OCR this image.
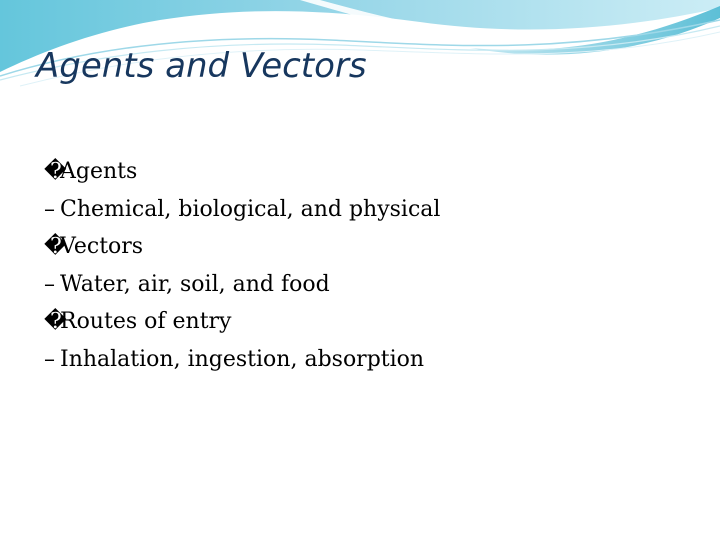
Agents and Vectors
�Agents
– Chemical, biological, and physical
�Vectors
– Water, air, soil, and food
�Routes of entry
– Inhalation, ingestion, absorption
